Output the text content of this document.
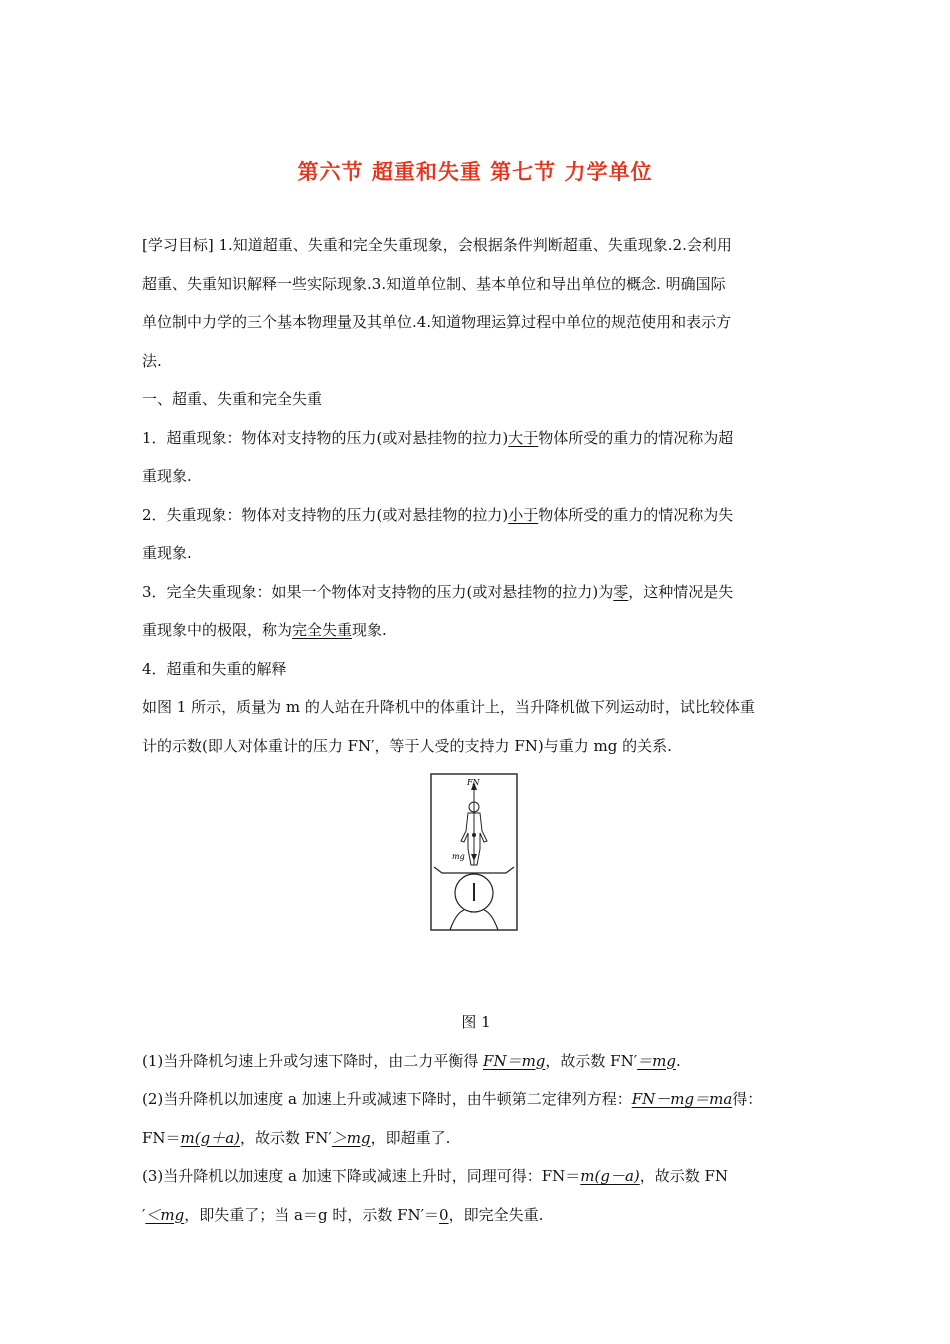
第六节 超重和失重 第七节 力学单位

[学习目标] 1.知道超重、失重和完全失重现象，会根据条件判断超重、失重现象.2.会利用

超重、失重知识解释一些实际现象.3.知道单位制、基本单位和导出单位的概念. 明确国际

单位制中力学的三个基本物理量及其单位.4.知道物理运算过程中单位的规范使用和表示方

法.

一、超重、失重和完全失重

1．超重现象：物体对支持物的压力(或对悬挂物的拉力)大于物体所受的重力的情况称为超

重现象.

2．失重现象：物体对支持物的压力(或对悬挂物的拉力)小于物体所受的重力的情况称为失

重现象.

3．完全失重现象：如果一个物体对支持物的压力(或对悬挂物的拉力)为零，这种情况是失

重现象中的极限，称为完全失重现象.

4．超重和失重的解释

如图 1 所示，质量为 m 的人站在升降机中的体重计上，当升降机做下列运动时，试比较体重

计的示数(即人对体重计的压力 FN′，等于人受的支持力 FN)与重力 mg 的关系.

FN
mg

图 1

(1)当升降机匀速上升或匀速下降时，由二力平衡得 FN＝mg，故示数 FN′＝mg.

(2)当升降机以加速度 a 加速上升或减速下降时，由牛顿第二定律列方程：FN－mg＝ma得：

FN＝m(g＋a)，故示数 FN′＞mg，即超重了.

(3)当升降机以加速度 a 加速下降或减速上升时，同理可得：FN＝m(g－a)，故示数 FN

′＜mg，即失重了；当 a＝g 时，示数 FN′＝0，即完全失重.
